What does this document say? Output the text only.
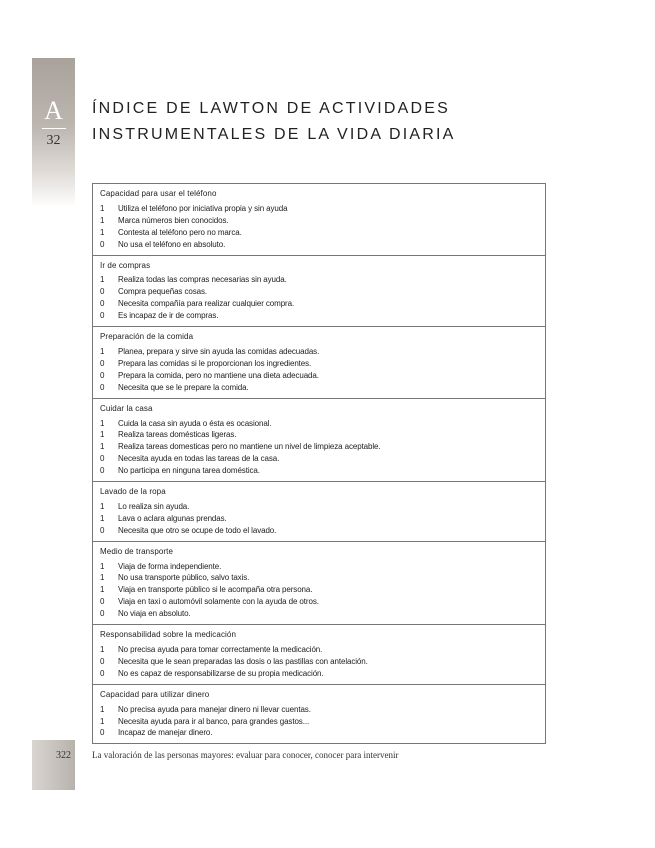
A
32
ÍNDICE DE LAWTON DE ACTIVIDADES
INSTRUMENTALES DE LA VIDA DIARIA
Capacidad para usar el teléfono
1	Utiliza el teléfono por iniciativa propia y sin ayuda
1	Marca números bien conocidos.
1	Contesta al teléfono pero no marca.
0	No usa el teléfono en absoluto.
Ir de compras
1	Realiza todas las compras necesarias sin ayuda.
0	Compra pequeñas cosas.
0	Necesita compañía para realizar cualquier compra.
0	Es incapaz de ir de compras.
Preparación de la comida
1	Planea, prepara y sirve sin ayuda las comidas adecuadas.
0	Prepara las comidas si le proporcionan los ingredientes.
0	Prepara la comida, pero no mantiene una dieta adecuada.
0	Necesita que se le prepare la comida.
Cuidar la casa
1	Cuida la casa sin ayuda o ésta es ocasional.
1	Realiza tareas domésticas ligeras.
1	Realiza tareas domesticas pero no mantiene un nivel de limpieza aceptable.
0	Necesita ayuda en todas las tareas de la casa.
0	No participa en ninguna tarea doméstica.
Lavado de la ropa
1	Lo realiza sin ayuda.
1	Lava o aclara algunas prendas.
0	Necesita que otro se ocupe de todo el lavado.
Medio de transporte
1	Viaja de forma independiente.
1	No usa transporte público, salvo taxis.
1	Viaja en transporte público si le acompaña otra persona.
0	Viaja en taxi o automóvil solamente con la ayuda de otros.
0	No viaja en absoluto.
Responsabilidad sobre la medicación
1	No precisa ayuda para tomar correctamente la medicación.
0	Necesita que le sean preparadas las dosis o las pastillas con antelación.
0	No es capaz de responsabilizarse de su propia medicación.
Capacidad para utilizar dinero
1	No precisa ayuda para manejar dinero ni llevar cuentas.
1	Necesita ayuda para ir al banco, para grandes gastos...
0	Incapaz de manejar dinero.
322 La valoración de las personas mayores: evaluar para conocer, conocer para intervenir
